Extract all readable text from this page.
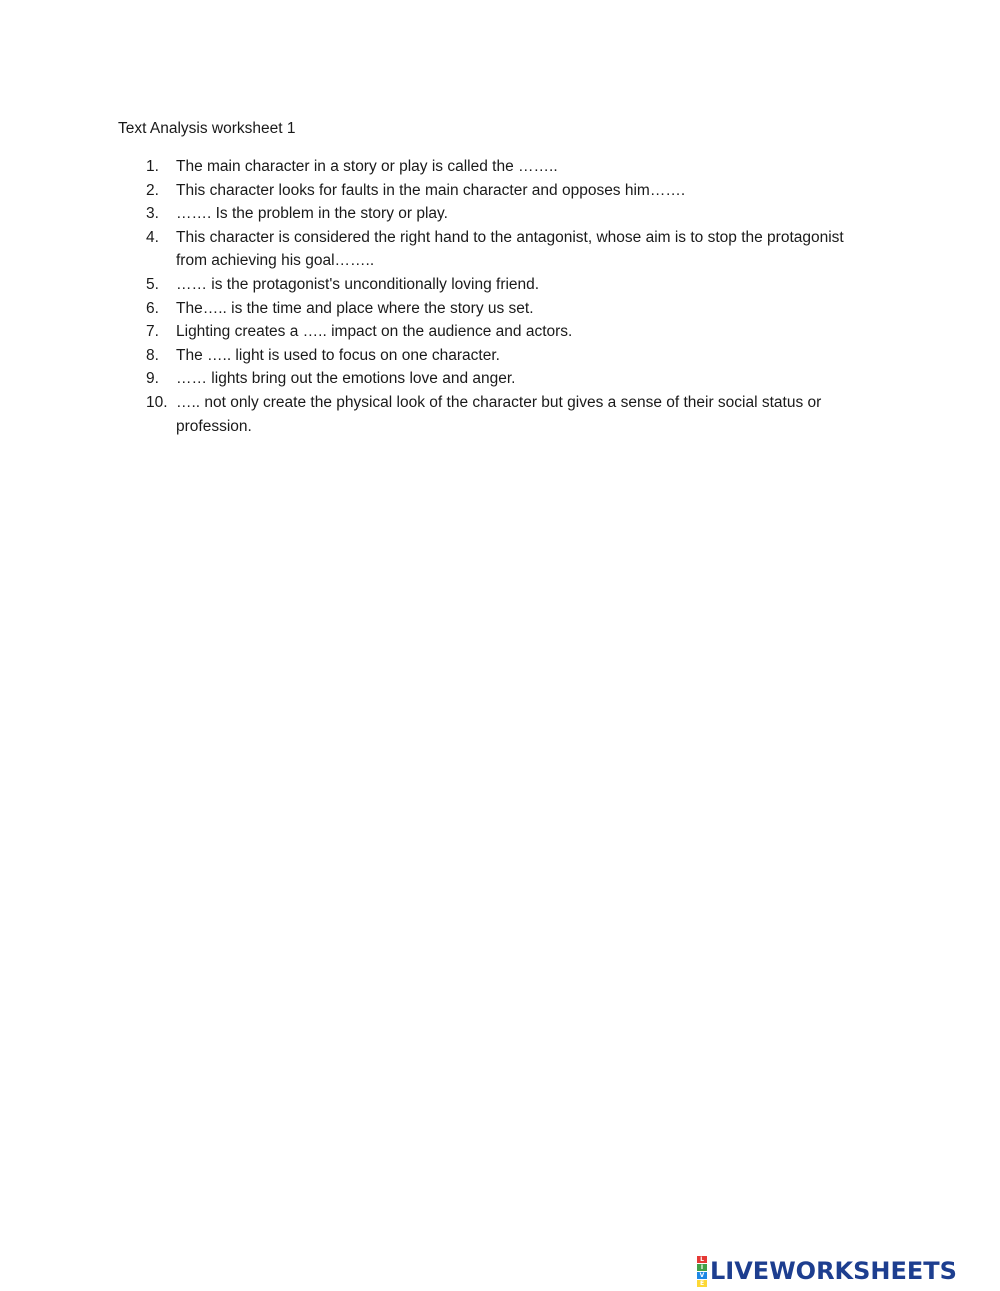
Text Analysis worksheet 1
1. The main character in a story or play is called the ……..
2. This character looks for faults in the main character and opposes him…….
3. ……. Is the problem in the story or play.
4. This character is considered the right hand to the antagonist, whose aim is to stop the protagonist from achieving his goal……..
5. …… is the protagonist's unconditionally loving friend.
6. The….. is the time and place where the story us set.
7. Lighting creates a ….. impact on the audience and actors.
8. The ….. light is used to focus on one character.
9. …… lights bring out the emotions love and anger.
10. ….. not only create the physical look of the character but gives a sense of their social status or profession.
L
I
V
E LIVEWORKSHEETS
